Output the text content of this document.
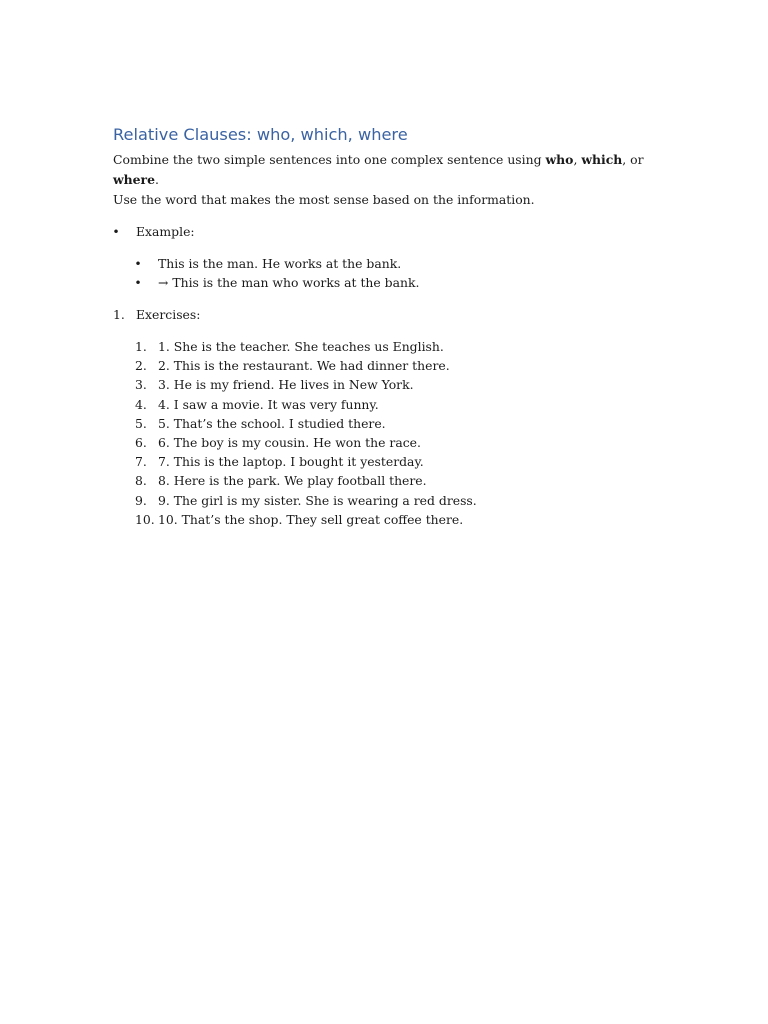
Relative Clauses: who, which, where

Combine the two simple sentences into one complex sentence using who, which, or where.
Use the word that makes the most sense based on the information.

•	Example:
•	This is the man. He works at the bank.
•	→ This is the man who works at the bank.
1. Exercises:
1. 1. She is the teacher. She teaches us English.
2. 2. This is the restaurant. We had dinner there.
3. 3. He is my friend. He lives in New York.
4. 4. I saw a movie. It was very funny.
5. 5. That’s the school. I studied there.
6. 6. The boy is my cousin. He won the race.
7. 7. This is the laptop. I bought it yesterday.
8. 8. Here is the park. We play football there.
9. 9. The girl is my sister. She is wearing a red dress.
10. 10. That’s the shop. They sell great coffee there.
